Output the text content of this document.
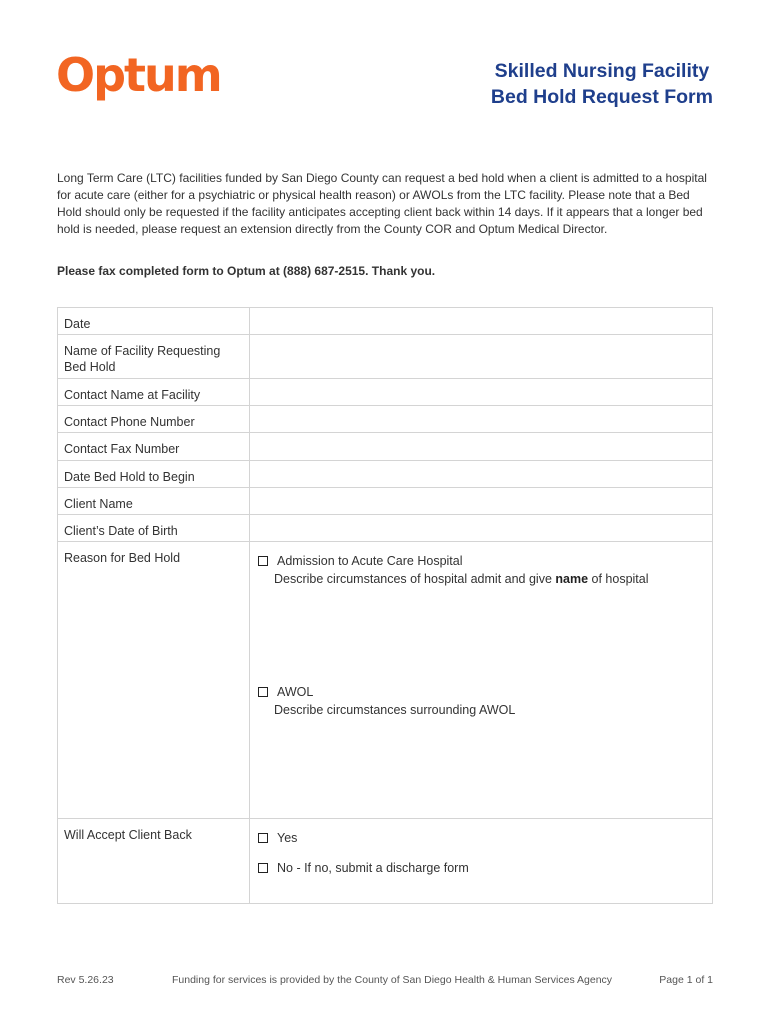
Optum	Skilled Nursing Facility
Bed Hold Request Form
Long Term Care (LTC) facilities funded by San Diego County can request a bed hold when a client is admitted to a hospital for acute care (either for a psychiatric or physical health reason) or AWOLs from the LTC facility. Please note that a Bed Hold should only be requested if the facility anticipates accepting client back within 14 days. If it appears that a longer bed hold is needed, please request an extension directly from the County COR and Optum Medical Director.
Please fax completed form to Optum at (888) 687-2515. Thank you.
Date	
Name of Facility Requesting Bed Hold	
Contact Name at Facility	
Contact Phone Number	
Contact Fax Number	
Date Bed Hold to Begin	
Client Name	
Client’s Date of Birth	
Reason for Bed Hold	Admission to Acute Care Hospital
Describe circumstances of hospital admit and give name of hospital
AWOL
Describe circumstances surrounding AWOL

Will Accept Client Back	Yes
No - If no, submit a discharge form
Rev 5.26.23	Funding for services is provided by the County of San Diego Health & Human Services Agency	Page 1 of 1
